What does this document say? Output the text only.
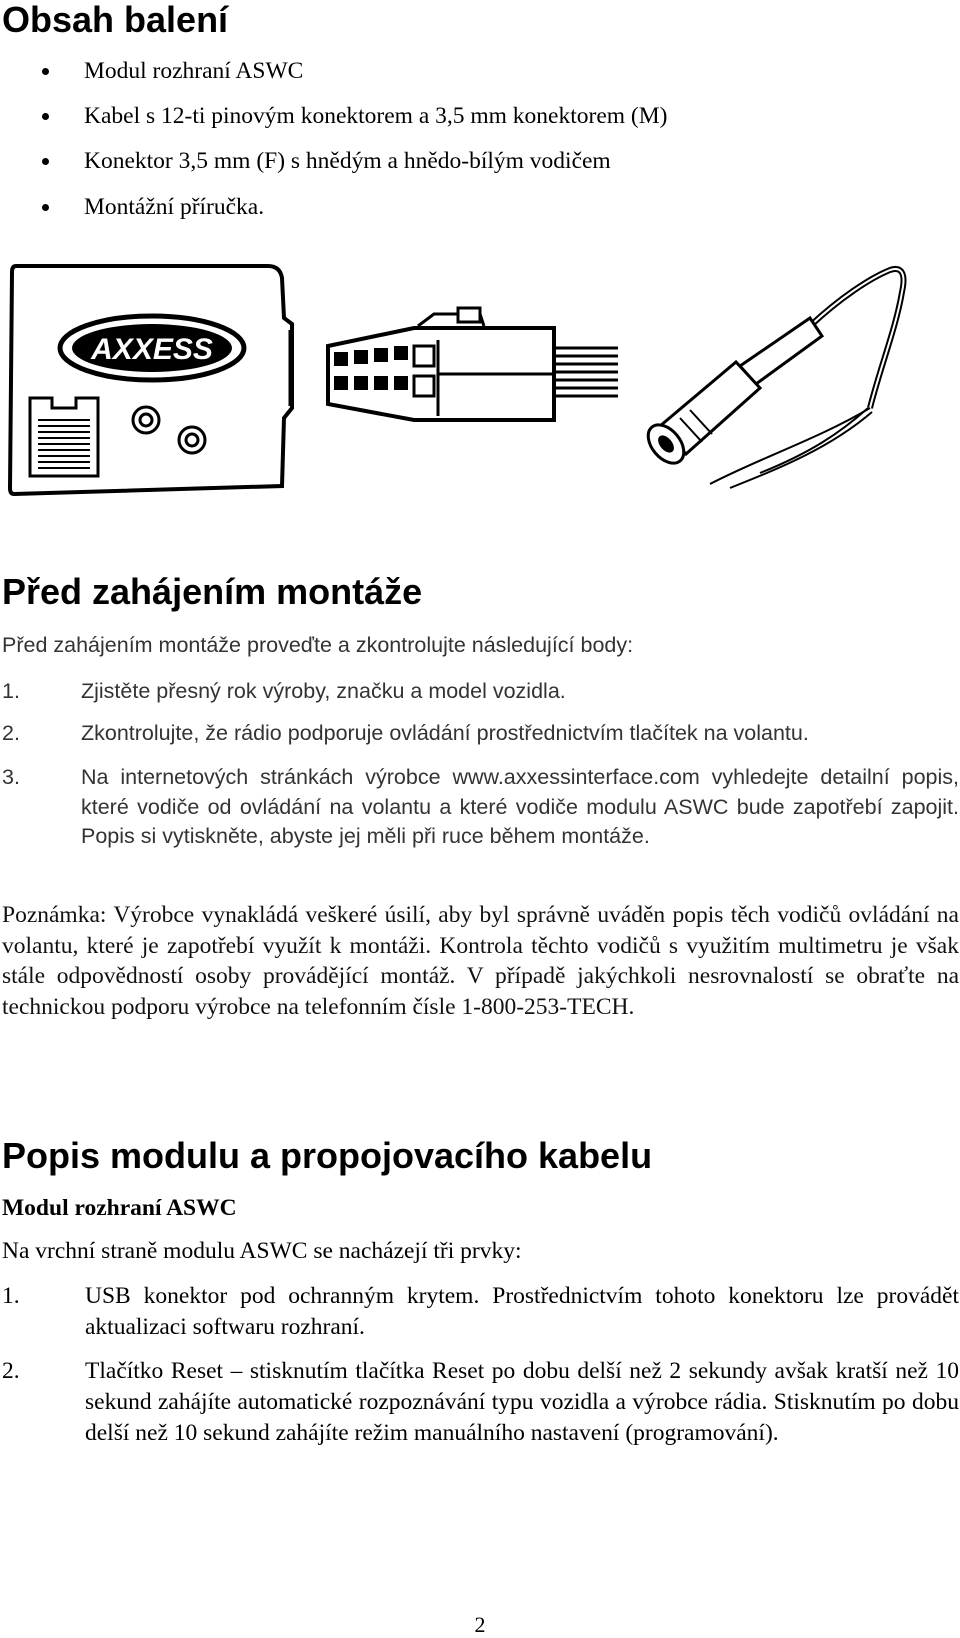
Obsah balení
Modul rozhraní ASWC
Kabel s 12-ti pinovým konektorem a 3,5 mm konektorem (M)
Konektor 3,5 mm (F) s hnědým a hnědo-bílým vodičem
Montážní příručka.
AXXESS
Před zahájením montáže

Před zahájením montáže proveďte a zkontrolujte následující body:

1.	Zjistěte přesný rok výroby, značku a model vozidla.
2.	Zkontrolujte, že rádio podporuje ovládání prostřednictvím tlačítek na volantu.
3.	Na internetových stránkách výrobce www.axxessinterface.com vyhledejte detailní popis, které vodiče od ovládání na volantu a které vodiče modulu ASWC bude zapotřebí zapojit. Popis si vytiskněte, abyste jej měli při ruce během montáže.

Poznámka: Výrobce vynakládá veškeré úsilí, aby byl správně uváděn popis těch vodičů ovládání na volantu, které je zapotřebí využít k montáži. Kontrola těchto vodičů s využitím multimetru je však stále odpovědností osoby provádějící montáž. V případě jakýchkoli nesrovnalostí se obraťte na technickou podporu výrobce na telefonním čísle 1-800-253-TECH.

Popis modulu a propojovacího kabelu

Modul rozhraní ASWC

Na vrchní straně modulu ASWC se nacházejí tři prvky:

1.	USB konektor pod ochranným krytem. Prostřednictvím tohoto konektoru lze provádět aktualizaci softwaru rozhraní.
2.	Tlačítko Reset – stisknutím tlačítka Reset po dobu delší než 2 sekundy avšak kratší než 10 sekund zahájíte automatické rozpoznávání typu vozidla a výrobce rádia. Stisknutím po dobu delší než 10 sekund zahájíte režim manuálního nastavení (programování).
2
